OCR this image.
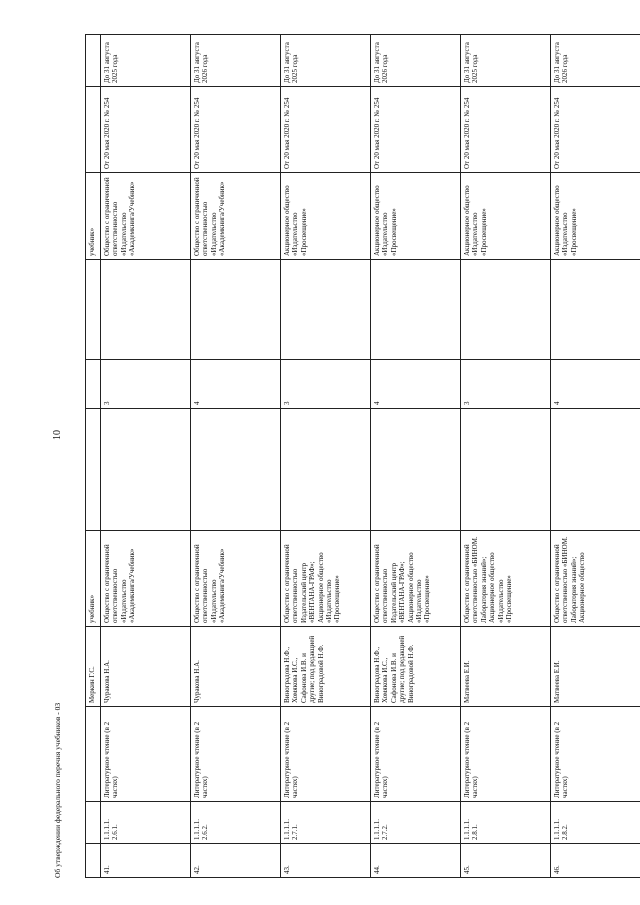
10
			Меркин Г.С.	учебник»				учебник»		
41.	1.1.1.1. 2.6.1.	Литературное чтение (в 2 частях)	Чуракова Н.А.	Общество с ограниченной ответственностью «Издательство «Академкнига/Учебник»		3		Общество с ограниченной ответственностью «Издательство «Академкнига/Учебник»	От 20 мая 2020 г. № 254	До 31 августа 2025 года
42.	1.1.1.1. 2.6.2.	Литературное чтение (в 2 частях)	Чуракова Н.А.	Общество с ограниченной ответственностью «Издательство «Академкнига/Учебник»		4		Общество с ограниченной ответственностью «Издательство «Академкнига/Учебник»	От 20 мая 2020 г. № 254	До 31 августа 2026 года
43.	1.1.1.1. 2.7.1.	Литературное чтение (в 2 частях)	Виноградова Н.Ф., Хомякова И.С., Сафонова И.В. и другие; под редакцией Виноградовой Н.Ф.	Общество с ограниченной ответственностью Издательский центр «ВЕНТАНА-ГРАФ»; Акционерное общество «Издательство «Просвещение»		3		Акционерное общество «Издательство «Просвещение»	От 20 мая 2020 г. № 254	До 31 августа 2025 года
44.	1.1.1.1. 2.7.2.	Литературное чтение (в 2 частях)	Виноградова Н.Ф., Хомякова И.С., Сафонова И.В. и другие; под редакцией Виноградовой Н.Ф.	Общество с ограниченной ответственностью Издательский центр «ВЕНТАНА-ГРАФ»; Акционерное общество «Издательство «Просвещение»		4		Акционерное общество «Издательство «Просвещение»	От 20 мая 2020 г. № 254	До 31 августа 2026 года
45.	1.1.1.1. 2.8.1.	Литературное чтение (в 2 частях)	Матвеева Е.И.	Общество с ограниченной ответственностью «БИНОМ. Лаборатория знаний»; Акционерное общество «Издательство «Просвещение»		3		Акционерное общество «Издательство «Просвещение»	От 20 мая 2020 г. № 254	До 31 августа 2025 года
46.	1.1.1.1. 2.8.2.	Литературное чтение (в 2 частях)	Матвеева Е.И.	Общество с ограниченной ответственностью «БИНОМ. Лаборатория знаний»; Акционерное общество		4		Акционерное общество «Издательство «Просвещение»	От 20 мая 2020 г. № 254	До 31 августа 2026 года
Об утверждении федерального перечня учебников - 03
